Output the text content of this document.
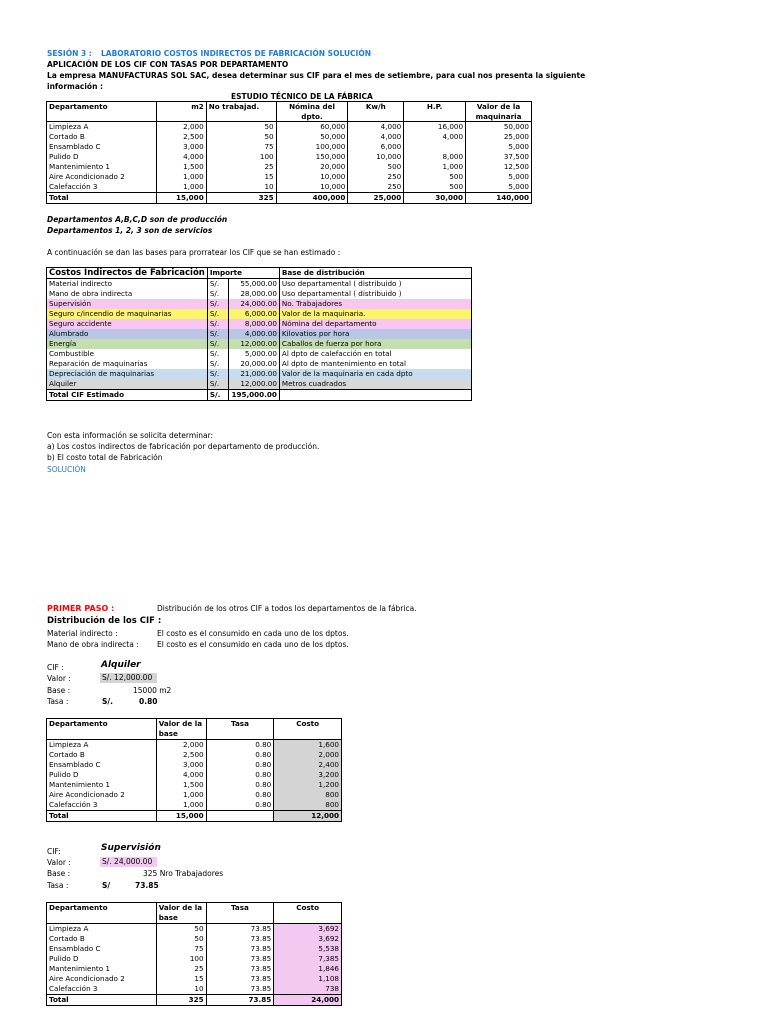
SESIÓN 3 : LABORATORIO COSTOS INDIRECTOS DE FABRICACIÓN SOLUCIÓN
APLICACIÓN DE LOS CIF CON TASAS POR DEPARTAMENTO
La empresa MANUFACTURAS SOL SAC, desea determinar sus CIF para el mes de setiembre, para cual nos presenta la siguiente
información :
ESTUDIO TÉCNICO DE LA FÁBRICA
Departamento	m2	No trabajad.	Nómina del dpto.	Kw/h	H.P.	Valor de la maquinaria
Limpieza A	2,000	50	60,000	4,000	16,000	50,000
Cortado B	2,500	50	50,000	4,000	4,000	25,000
Ensamblado C	3,000	75	100,000	6,000		5,000
Pulido D	4,000	100	150,000	10,000	8,000	37,500
Mantenimiento 1	1,500	25	20,000	500	1,000	12,500
Aire Acondicionado 2	1,000	15	10,000	250	500	5,000
Calefacción 3	1,000	10	10,000	250	500	5,000
Total	15,000	325	400,000	25,000	30,000	140,000
Departamentos A,B,C,D son de producción
Departamentos 1, 2, 3 son de servicios
A continuación se dan las bases para prorratear los CIF que se han estimado :
Costos Indirectos de Fabricación	Importe		Base de distribución
Material indirecto	S/.	55,000.00	Uso departamental ( distribuido )
Mano de obra indirecta	S/.	28,000.00	Uso departamental ( distribuido )
Supervisión	S/.	24,000.00	No. Trabajadores
Seguro c/incendio de maquinarias	S/.	6,000.00	Valor de la maquinaria.
Seguro accidente	S/.	8,000.00	Nómina del departamento
Alumbrado	S/.	4,000.00	Kilovatios por hora
Energía	S/.	12,000.00	Caballos de fuerza por hora
Combustible	S/.	5,000.00	Al dpto de calefacción en total
Reparación de maquinarias	S/.	20,000.00	Al dpto de mantenimiento en total
Depreciación de maquinarias	S/.	21,000.00	Valor de la maquinaria en cada dpto
Alquiler	S/.	12,000.00	Metros cuadrados
Total CIF Estimado	S/.	195,000.00	
Con esta información se solicita determinar:
a) Los costos indirectos de fabricación por departamento de producción.
b) El costo total de Fabricación
SOLUCIÓN
PRIMER PASO :	Distribución de los otros CIF a todos los departamentos de la fábrica.
Distribución de los CIF :
Material indirecto :	El costo es el consumido en cada uno de los dptos.
Mano de obra indirecta : El costo es el consumido en cada uno de los dptos.
CIF :	Alquiler
Valor :	S/. 12,000.00
Base :	15000 m2
Tasa :	S/.	0.80
Departamento	Valor de la base	Tasa	Costo
Limpieza A	2,000	0.80	1,600
Cortado B	2,500	0.80	2,000
Ensamblado C	3,000	0.80	2,400
Pulido D	4,000	0.80	3,200
Mantenimiento 1	1,500	0.80	1,200
Aire Acondicionado 2	1,000	0.80	800
Calefacción 3	1,000	0.80	800
Total	15,000		12,000
CIF:	Supervisión
Valor :	S/. 24,000.00
Base :	325 Nro Trabajadores
Tasa :	S/	73.85
Departamento	Valor de la base	Tasa	Costo
Limpieza A	50	73.85	3,692
Cortado B	50	73.85	3,692
Ensamblado C	75	73.85	5,538
Pulido D	100	73.85	7,385
Mantenimiento 1	25	73.85	1,846
Aire Acondicionado 2	15	73.85	1,108
Calefacción 3	10	73.85	738
Total	325	73.85	24,000
